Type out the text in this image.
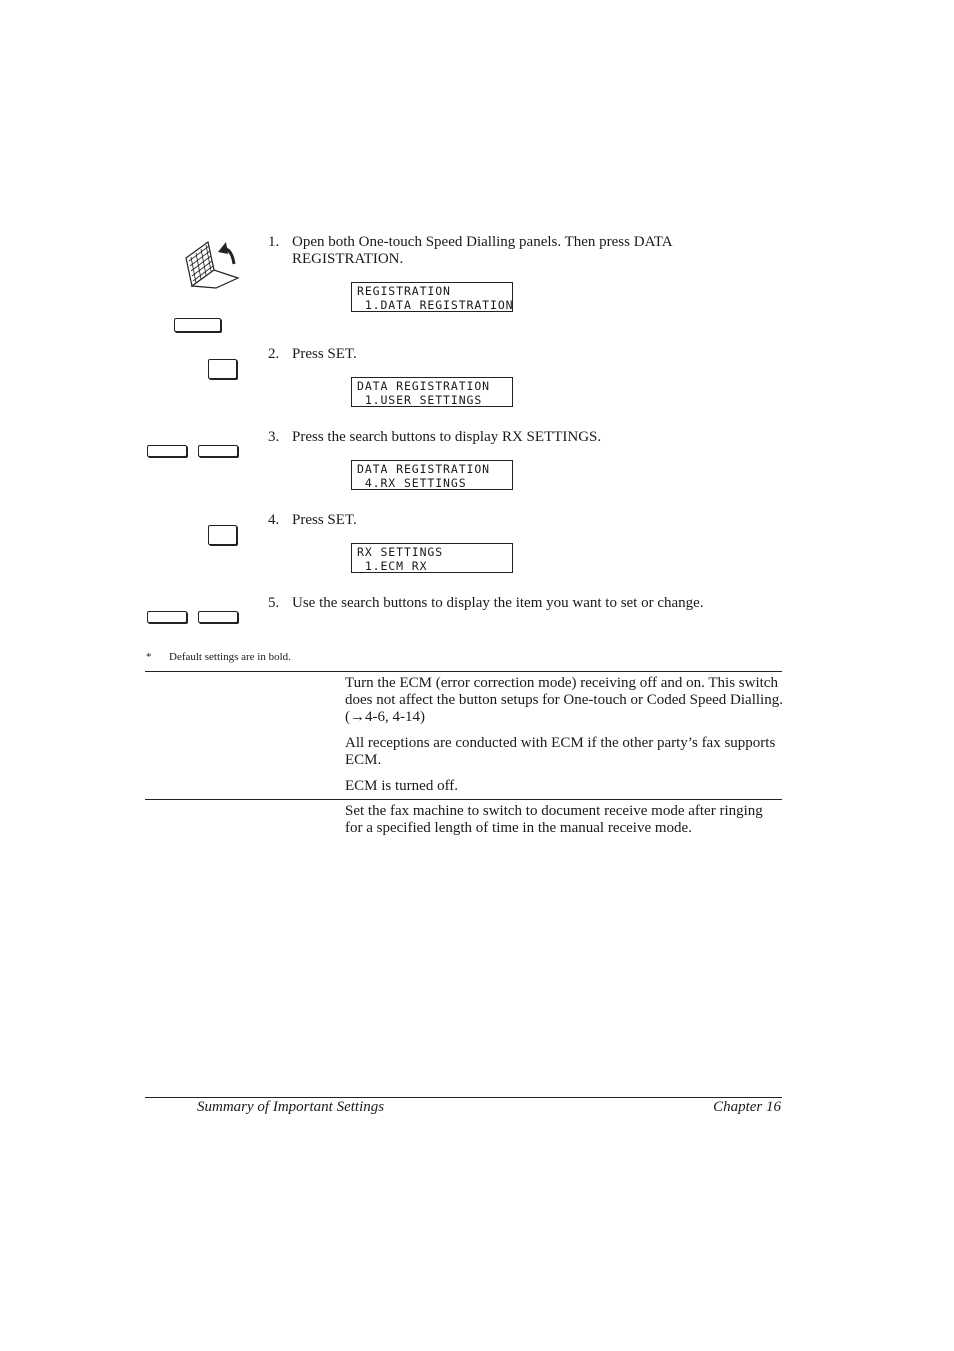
1. Open both One-touch Speed Dialling panels. Then press DATA REGISTRATION.
2. Press SET.
3. Press the search buttons to display RX SETTINGS.
4. Press SET.
5. Use the search buttons to display the item you want to set or change.
REGISTRATION
1.DATA REGISTRATION
DATA REGISTRATION
1.USER SETTINGS
DATA REGISTRATION
4.RX SETTINGS
RX SETTINGS
1.ECM RX
* Default settings are in bold.
Turn the ECM (error correction mode) receiving off and on. This switch does not affect the button setups for One-touch or Coded Speed Dialling. (→4-6, 4-14)
All receptions are conducted with ECM if the other party’s fax supports ECM.
ECM is turned off.
Set the fax machine to switch to document receive mode after ringing for a specified length of time in the manual receive mode.
Summary of Important Settings	Chapter 16
